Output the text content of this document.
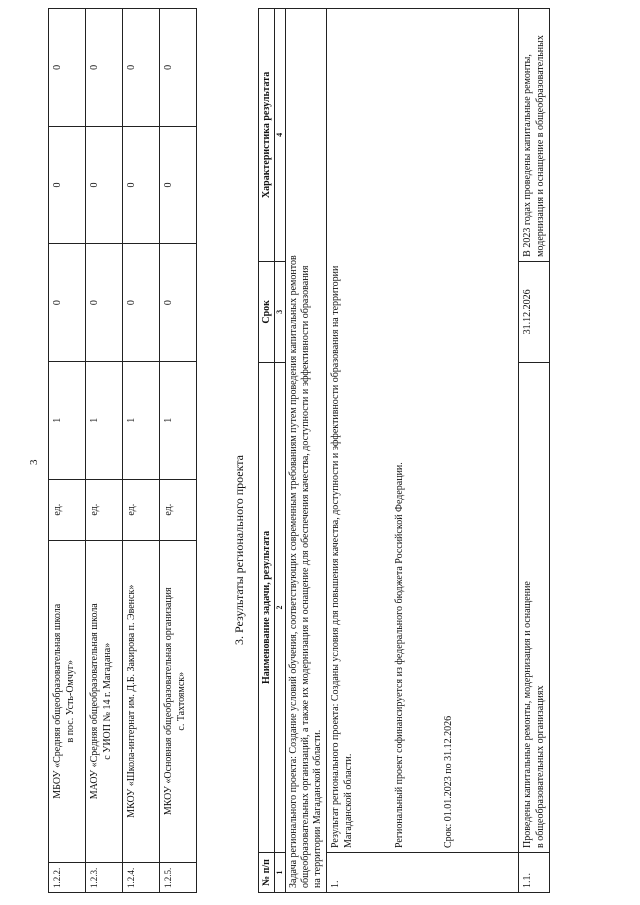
3
1.2.2.	МБОУ «Средняя общеобразовательная школа в пос. Усть-Омчуг»	ед.	1	0	0	0
1.2.3.	МАОУ «Средняя общеобразовательная школа с УИОП № 14 г. Магадана»	ед.	1	0	0	0
1.2.4.	МКОУ «Школа-интернат им. Д.Б. Закирова п. Эвенск»	ед.	1	0	0	0
1.2.5.	МКОУ «Основная общеобразовательная организация с. Тахтоямск»	ед.	1	0	0	0
3. Результаты регионального проекта
№ п/п	Наименование задачи, результата	Срок	Характеристика результата
1	2	3	4

Задача регионального проекта: Создание условий обучения, соответствующих современным требованиям путем проведения капитальных ремонтов общеобразовательных организаций, а также их модернизация и оснащение для обеспечения качества, доступности и эффективности образования на территории Магаданской области.			

1.	Результат регионального проекта: Созданы условия для повышения качества, доступности и эффективности образования на территории Магаданской области. Региональный проект софинансируется из федерального бюджета Российской Федерации. Срок: 01.01.2023 по 31.12.2026		

1.1.	Проведены капитальные ремонты, модернизация и оснащение в общеобразовательных организациях	31.12.2026	В 2023 годах проведены капитальные ремонты, модернизация и оснащение в общеобразовательных
